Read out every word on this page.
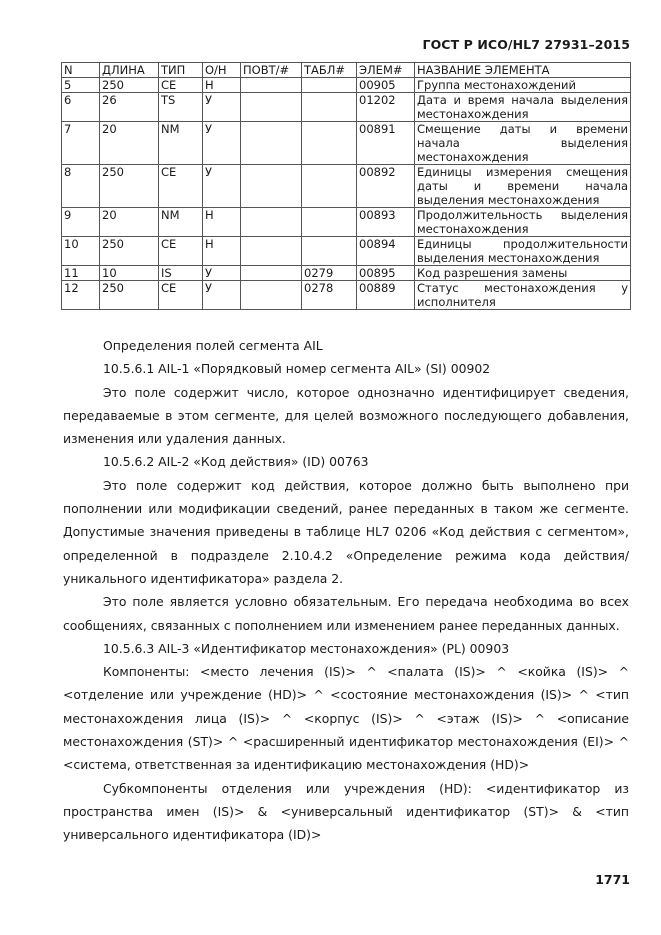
ГОСТ Р ИСО/HL7 27931–2015
N	ДЛИНА	ТИП	О/Н	ПОВТ/#	ТАБЛ#	ЭЛЕМ#	НАЗВАНИЕ ЭЛЕМЕНТА
5	250	CE	Н			00905	Группа местонахождений
6	26	TS	У			01202	Дата и время начала выделения местонахождения
7	20	NM	У			00891	Смещение даты и времени начала выделения местонахождения
8	250	CE	У			00892	Единицы измерения смещения даты и времени начала выделения местонахождения
9	20	NM	Н			00893	Продолжительность выделения местонахождения
10	250	CE	Н			00894	Единицы продолжительности выделения местонахождения
11	10	IS	У		0279	00895	Код разрешения замены
12	250	CE	У		0278	00889	Статус местонахождения у исполнителя

Определения полей сегмента AIL

10.5.6.1 AIL-1 «Порядковый номер сегмента AIL» (SI) 00902

Это поле содержит число, которое однозначно идентифицирует сведения, передаваемые в этом сегменте, для целей возможного последующего добавления, изменения или удаления данных.

10.5.6.2 AIL-2 «Код действия» (ID) 00763

Это поле содержит код действия, которое должно быть выполнено при пополнении или модификации сведений, ранее переданных в таком же сегменте. Допустимые значения приведены в таблице HL7 0206 «Код действия с сегментом», определенной в подразделе 2.10.4.2 «Определение режима кода действия/уникального идентификатора» раздела 2.

Это поле является условно обязательным. Его передача необходима во всех сообщениях, связанных с пополнением или изменением ранее переданных данных.

10.5.6.3 AIL-3 «Идентификатор местонахождения» (PL) 00903

Компоненты: <место лечения (IS)> ^ <палата (IS)> ^ <койка (IS)> ^ <отделение или учреждение (HD)> ^ <состояние местонахождения (IS)> ^ <тип местонахождения лица (IS)> ^ <корпус (IS)> ^ <этаж (IS)> ^ <описание местонахождения (ST)> ^ <расширенный идентификатор местонахождения (EI)> ^ <система, ответственная за идентификацию местонахождения (HD)>

Субкомпоненты отделения или учреждения (HD): <идентификатор из пространства имен (IS)> & <универсальный идентификатор (ST)> & <тип универсального идентификатора (ID)>

1771
